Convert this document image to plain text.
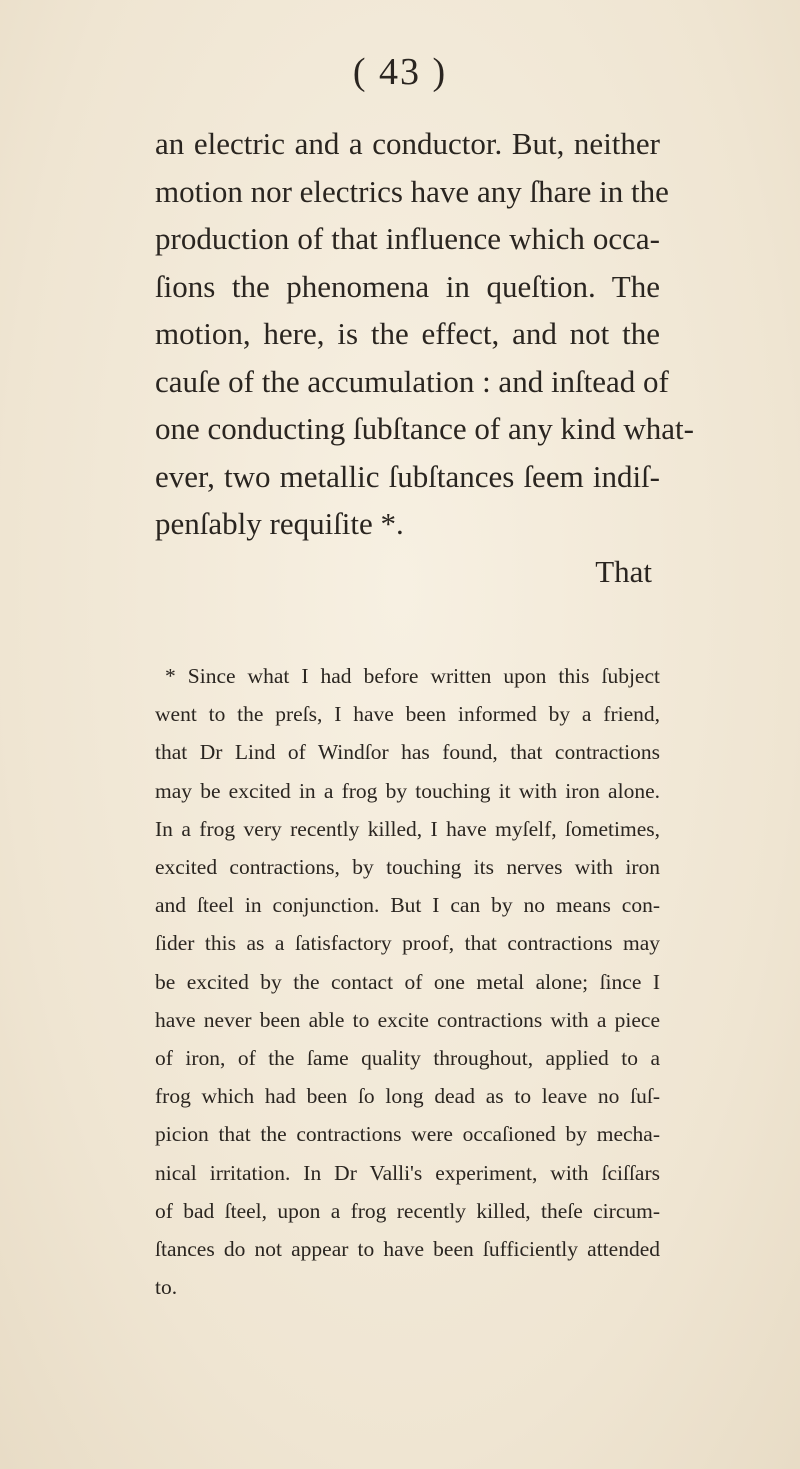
( 43 )
an electric and a conductor. But, neither
motion nor electrics have any ſhare in the
production of that influence which occa-
ſions the phenomena in queſtion. The
motion, here, is the effect, and not the
cauſe of the accumulation : and inſtead of
one conducting ſubſtance of any kind what-
ever, two metallic ſubſtances ſeem indiſ-
penſably requiſite *.
That
* Since what I had before written upon this ſubject
went to the preſs, I have been informed by a friend,
that Dr Lind of Windſor has found, that contractions
may be excited in a frog by touching it with iron alone.
In a frog very recently killed, I have myſelf, ſometimes,
excited contractions, by touching its nerves with iron
and ſteel in conjunction. But I can by no means con-
ſider this as a ſatisfactory proof, that contractions may
be excited by the contact of one metal alone; ſince I
have never been able to excite contractions with a piece
of iron, of the ſame quality throughout, applied to a
frog which had been ſo long dead as to leave no ſuſ-
picion that the contractions were occaſioned by mecha-
nical irritation. In Dr Valli's experiment, with ſciſſars
of bad ſteel, upon a frog recently killed, theſe circum-
ſtances do not appear to have been ſufficiently attended
to.
